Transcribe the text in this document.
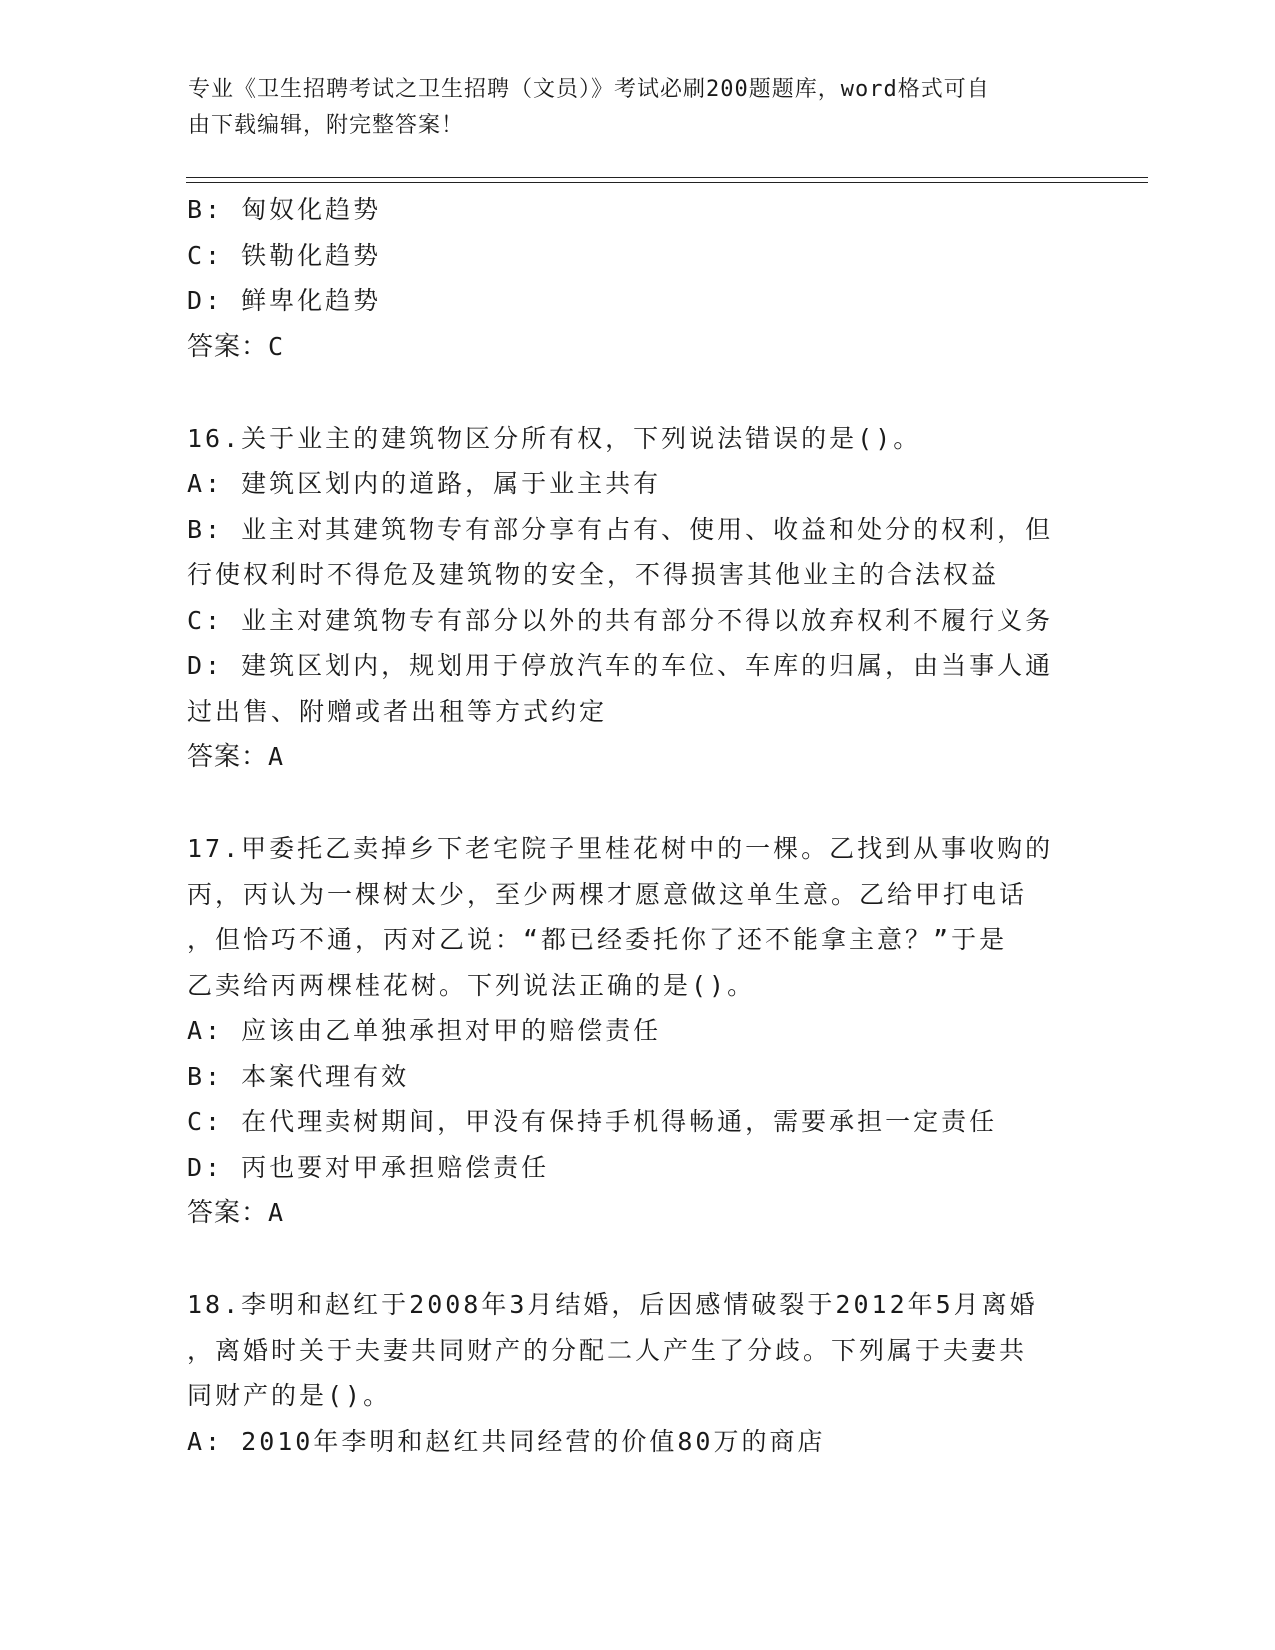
专业《卫生招聘考试之卫生招聘（文员）》考试必刷200题题库，word格式可自
由下载编辑，附完整答案！

B: 匈奴化趋势

C: 铁勒化趋势

D: 鲜卑化趋势

答案：C

16.关于业主的建筑物区分所有权，下列说法错误的是()。

A: 建筑区划内的道路，属于业主共有

B: 业主对其建筑物专有部分享有占有、使用、收益和处分的权利，但

行使权利时不得危及建筑物的安全，不得损害其他业主的合法权益

C: 业主对建筑物专有部分以外的共有部分不得以放弃权利不履行义务

D: 建筑区划内，规划用于停放汽车的车位、车库的归属，由当事人通

过出售、附赠或者出租等方式约定

答案：A

17.甲委托乙卖掉乡下老宅院子里桂花树中的一棵。乙找到从事收购的

丙，丙认为一棵树太少，至少两棵才愿意做这单生意。乙给甲打电话

，但恰巧不通，丙对乙说：“都已经委托你了还不能拿主意？”于是

乙卖给丙两棵桂花树。下列说法正确的是()。

A: 应该由乙单独承担对甲的赔偿责任

B: 本案代理有效

C: 在代理卖树期间，甲没有保持手机得畅通，需要承担一定责任

D: 丙也要对甲承担赔偿责任

答案：A

18.李明和赵红于2008年3月结婚，后因感情破裂于2012年5月离婚

，离婚时关于夫妻共同财产的分配二人产生了分歧。下列属于夫妻共

同财产的是()。

A: 2010年李明和赵红共同经营的价值80万的商店
